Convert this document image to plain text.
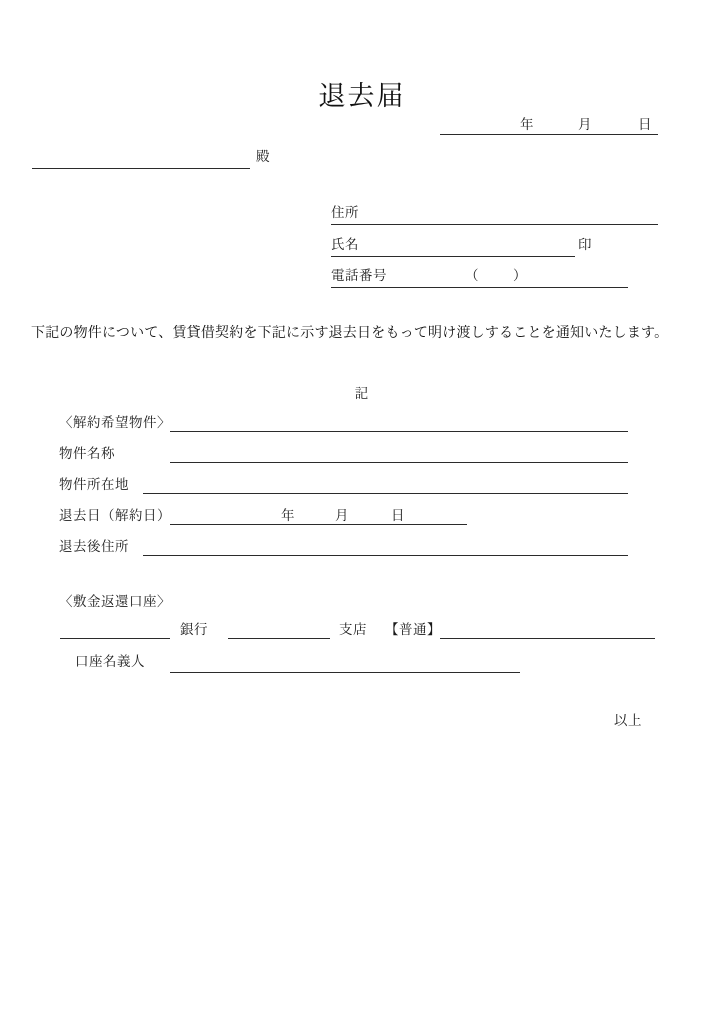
退去届
年	月	日
殿
住所
氏名	印
電話番号	（	）
下記の物件について、賃貸借契約を下記に示す退去日をもって明け渡しすることを通知いたします。
記
〈解約希望物件〉
物件名称
物件所在地
退去日（解約日）	年	月	日
退去後住所
〈敷金返還口座〉
銀行	支店 【普通】
口座名義人
以上
